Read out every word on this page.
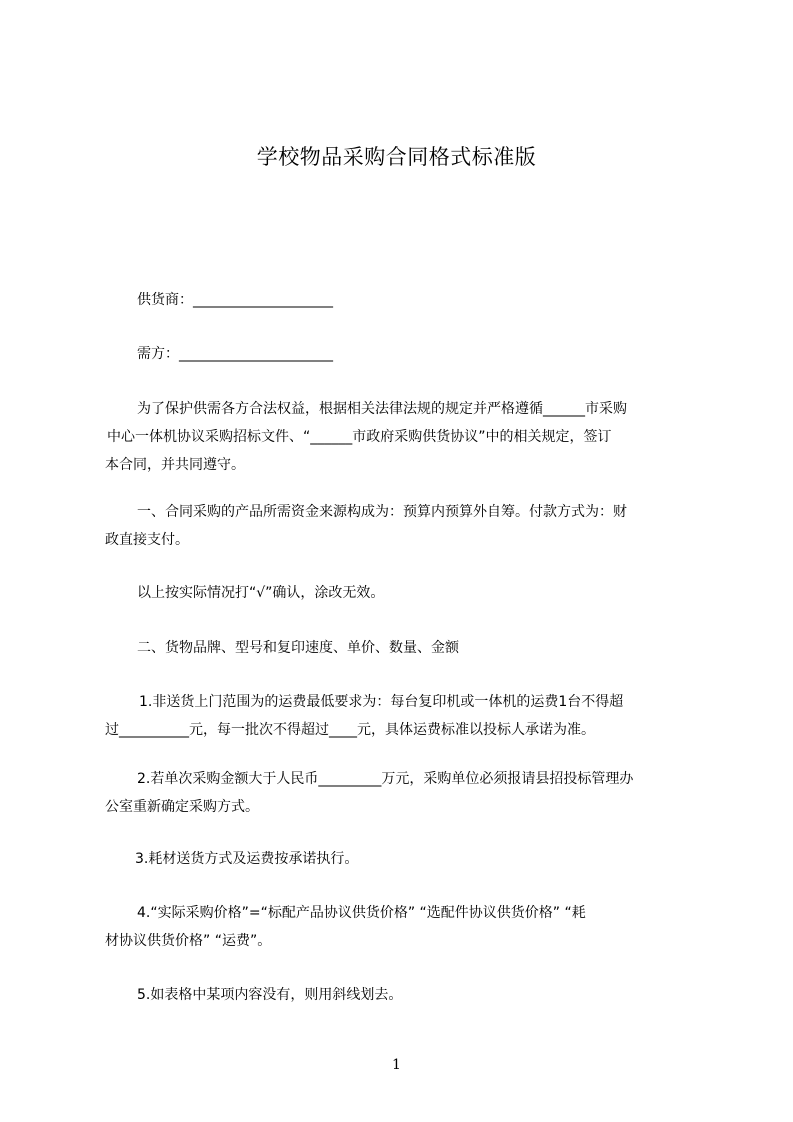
学校物品采购合同格式标准版
供货商：____________________
需方：______________________
为了保护供需各方合法权益，根据相关法律法规的规定并严格遵循______市采购
中心一体机协议采购招标文件、“______市政府采购供货协议”中的相关规定，签订
本合同，并共同遵守。
一、合同采购的产品所需资金来源构成为：预算内预算外自筹。付款方式为：财
政直接支付。
以上按实际情况打“√”确认，涂改无效。
二、货物品牌、型号和复印速度、单价、数量、金额
1.非送货上门范围为的运费最低要求为：每台复印机或一体机的运费1台不得超
过__________元，每一批次不得超过____元，具体运费标准以投标人承诺为准。
2.若单次采购金额大于人民币_________万元，采购单位必须报请县招投标管理办
公室重新确定采购方式。
3.耗材送货方式及运费按承诺执行。
4.“实际采购价格”=“标配产品协议供货价格” “选配件协议供货价格” “耗
材协议供货价格” “运费”。
5.如表格中某项内容没有，则用斜线划去。
1
